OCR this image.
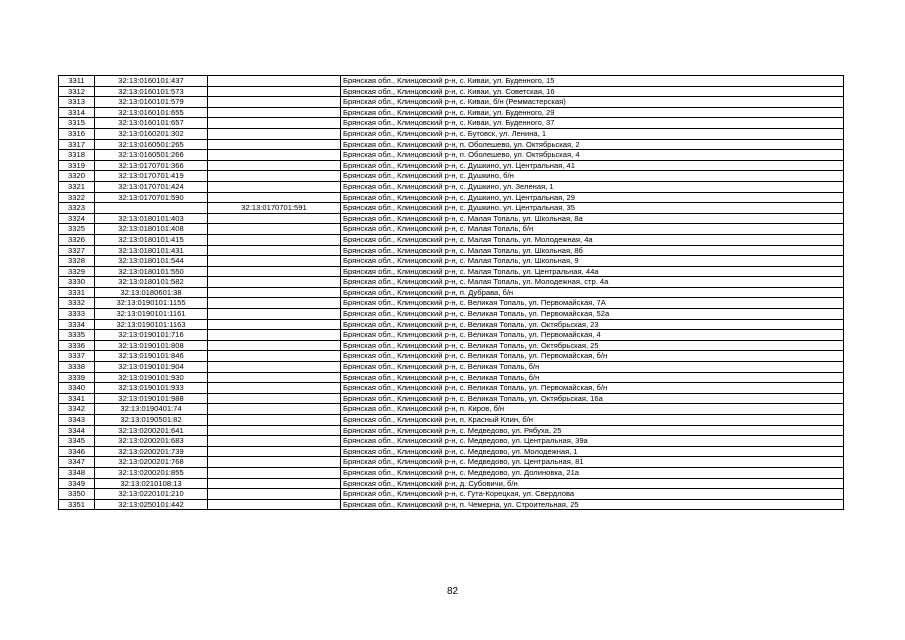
3311	32:13:0160101:437		Брянская обл., Клинцовский р-н, с. Киваи, ул. Буденного, 15
3312	32:13:0160101:573		Брянская обл., Клинцовский р-н, с. Киваи, ул. Советская, 16
3313	32:13:0160101:579		Брянская обл., Клинцовский р-н, с. Киваи, б/н (Реммастерская)
3314	32:13:0160101:655		Брянская обл., Клинцовский р-н, с. Киваи, ул. Буденного, 29
3315	32:13:0160101:657		Брянская обл., Клинцовский р-н, с. Киваи, ул. Буденного, 37
3316	32:13:0160201:302		Брянская обл., Клинцовский р-н, с. Бутовск, ул. Ленина, 1
3317	32:13:0160501:265		Брянская обл., Клинцовский р-н, п. Оболешево, ул. Октябрьская, 2
3318	32:13:0160501:266		Брянская обл., Клинцовский р-н, п. Оболешево, ул. Октябрьская, 4
3319	32:13:0170701:366		Брянская обл., Клинцовский р-н, с. Душкино, ул. Центральная, 41
3320	32:13:0170701:419		Брянская обл., Клинцовский р-н, с. Душкино, б/н
3321	32:13:0170701:424		Брянская обл., Клинцовский р-н, с. Душкино, ул. Зеленая, 1
3322	32:13:0170701:590		Брянская обл., Клинцовский р-н, с. Душкино, ул. Центральная, 29
3323		32:13:0170701:591	Брянская обл., Клинцовский р-н, с. Душкино, ул. Центральная, 35
3324	32:13:0180101:403		Брянская обл., Клинцовский р-н, с. Малая Топаль, ул. Школьная, 8а
3325	32:13:0180101:408		Брянская обл., Клинцовский р-н, с. Малая Топаль, б/н
3326	32:13:0180101:415		Брянская обл., Клинцовский р-н, с. Малая Топаль, ул. Молодежная, 4а
3327	32:13:0180101:431		Брянская обл., Клинцовский р-н, с. Малая Топаль, ул. Школьная, 8б
3328	32:13:0180101:544		Брянская обл., Клинцовский р-н, с. Малая Топаль, ул. Школьная, 9
3329	32:13:0180101:550		Брянская обл., Клинцовский р-н, с. Малая Топаль, ул. Центральная, 44а
3330	32:13:0180101:582		Брянская обл., Клинцовский р-н, с. Малая Топаль, ул. Молодежная, стр. 4а
3331	32:13:0180601:38		Брянская обл., Клинцовский р-н, п. Дубрава, б/н
3332	32:13:0190101:1155		Брянская обл., Клинцовский р-н, с. Великая Топаль, ул. Первомайская, 7А
3333	32:13:0190101:1161		Брянская обл., Клинцовский р-н, с. Великая Топаль, ул. Первомайская, 52а
3334	32:13:0190101:1163		Брянская обл., Клинцовский р-н, с. Великая Топаль, ул. Октябрьская, 23
3335	32:13:0190101:716		Брянская обл., Клинцовский р-н, с. Великая Топаль, ул. Первомайская, 4
3336	32:13:0190101:808		Брянская обл., Клинцовский р-н, с. Великая Топаль, ул. Октябрьская, 25
3337	32:13:0190101:846		Брянская обл., Клинцовский р-н, с. Великая Топаль, ул. Первомайская, б/н
3338	32:13:0190101:904		Брянская обл., Клинцовский р-н, с. Великая Топаль, б/н
3339	32:13:0190101:930		Брянская обл., Клинцовский р-н, с. Великая Топаль, б/н
3340	32:13:0190101:933		Брянская обл., Клинцовский р-н, с. Великая Топаль, ул. Первомайская, б/н
3341	32:13:0190101:988		Брянская обл., Клинцовский р-н, с. Великая Топаль, ул. Октябрьская, 16а
3342	32:13:0190401:74		Брянская обл., Клинцовский р-н, п. Киров, б/н
3343	32:13:0190501:82		Брянская обл., Клинцовский р-н, п. Красный Клин, б/н
3344	32:13:0200201:641		Брянская обл., Клинцовский р-н, с. Медведово, ул. Рябуха, 25
3345	32:13:0200201:683		Брянская обл., Клинцовский р-н, с. Медведово, ул. Центральная, 39а
3346	32:13:0200201:739		Брянская обл., Клинцовский р-н, с. Медведово, ул. Молодежная, 1
3347	32:13:0200201:768		Брянская обл., Клинцовский р-н, с. Медведово, ул. Центральная, 81
3348	32:13:0200201:855		Брянская обл., Клинцовский р-н, с. Медведово, ул. Долиновка, 21а
3349	32:13:0210108:13		Брянская обл., Клинцовский р-н, д. Субовичи, б/н
3350	32:13:0220101:210		Брянская обл., Клинцовский р-н, с. Гута-Корецкая, ул. Свердлова
3351	32:13:0250101:442		Брянская обл., Клинцовский р-н, п. Чемерна, ул. Строительная, 25
82
